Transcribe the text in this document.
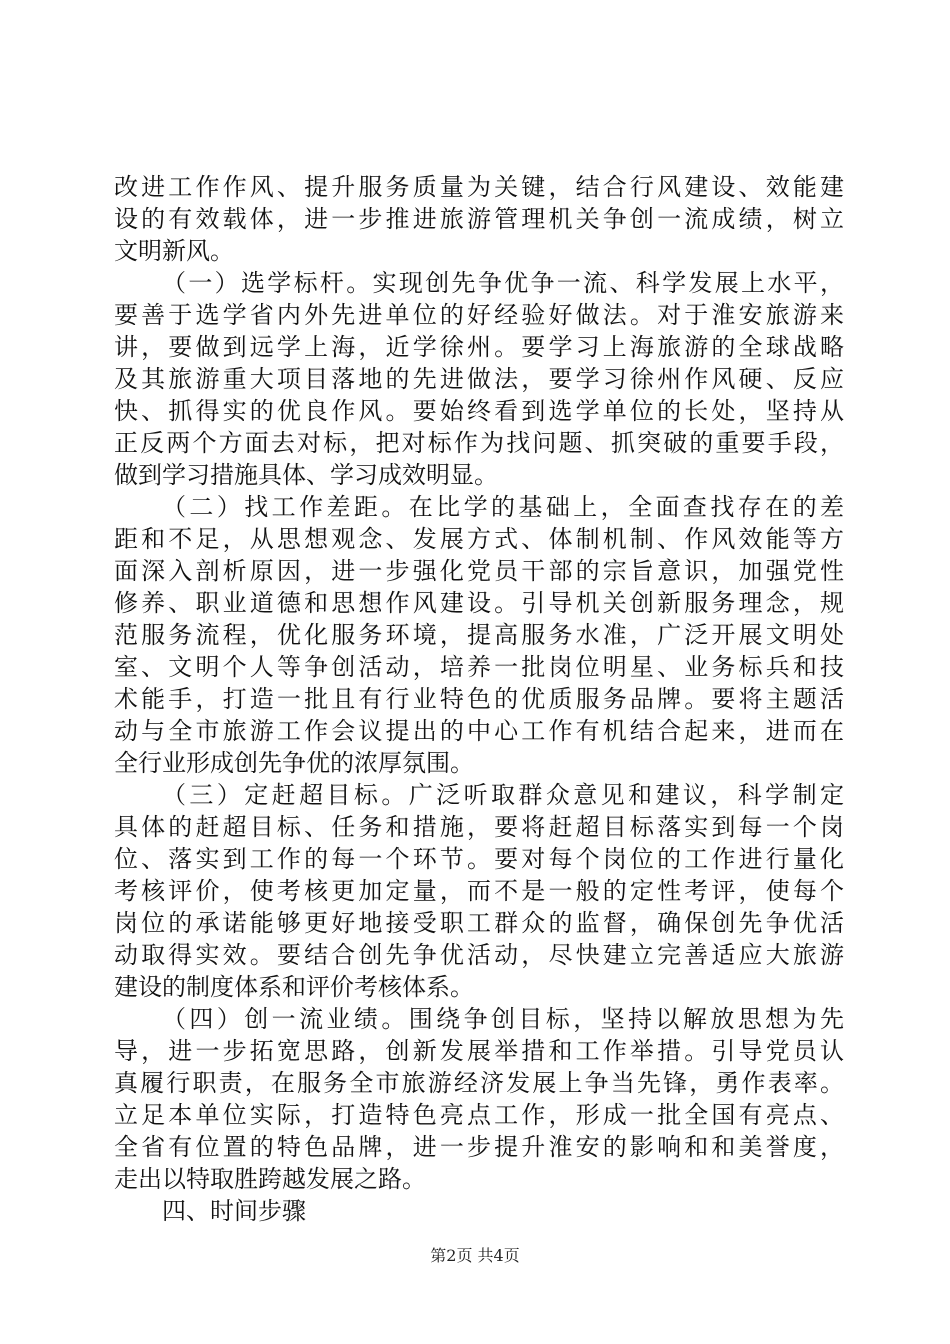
改进工作作风、提升服务质量为关键，结合行风建设、效能建
设的有效载体，进一步推进旅游管理机关争创一流成绩，树立
文明新风。
（一）选学标杆。实现创先争优争一流、科学发展上水平，
要善于选学省内外先进单位的好经验好做法。对于淮安旅游来
讲，要做到远学上海，近学徐州。要学习上海旅游的全球战略
及其旅游重大项目落地的先进做法，要学习徐州作风硬、反应
快、抓得实的优良作风。要始终看到选学单位的长处，坚持从
正反两个方面去对标，把对标作为找问题、抓突破的重要手段，
做到学习措施具体、学习成效明显。
（二）找工作差距。在比学的基础上，全面查找存在的差
距和不足，从思想观念、发展方式、体制机制、作风效能等方
面深入剖析原因，进一步强化党员干部的宗旨意识，加强党性
修养、职业道德和思想作风建设。引导机关创新服务理念，规
范服务流程，优化服务环境，提高服务水准，广泛开展文明处
室、文明个人等争创活动，培养一批岗位明星、业务标兵和技
术能手，打造一批且有行业特色的优质服务品牌。要将主题活
动与全市旅游工作会议提出的中心工作有机结合起来，进而在
全行业形成创先争优的浓厚氛围。
（三）定赶超目标。广泛听取群众意见和建议，科学制定
具体的赶超目标、任务和措施，要将赶超目标落实到每一个岗
位、落实到工作的每一个环节。要对每个岗位的工作进行量化
考核评价，使考核更加定量，而不是一般的定性考评，使每个
岗位的承诺能够更好地接受职工群众的监督，确保创先争优活
动取得实效。要结合创先争优活动，尽快建立完善适应大旅游
建设的制度体系和评价考核体系。
（四）创一流业绩。围绕争创目标，坚持以解放思想为先
导，进一步拓宽思路，创新发展举措和工作举措。引导党员认
真履行职责，在服务全市旅游经济发展上争当先锋，勇作表率。
立足本单位实际，打造特色亮点工作，形成一批全国有亮点、
全省有位置的特色品牌，进一步提升淮安的影响和和美誉度，
走出以特取胜跨越发展之路。
四、时间步骤
第2页 共4页
